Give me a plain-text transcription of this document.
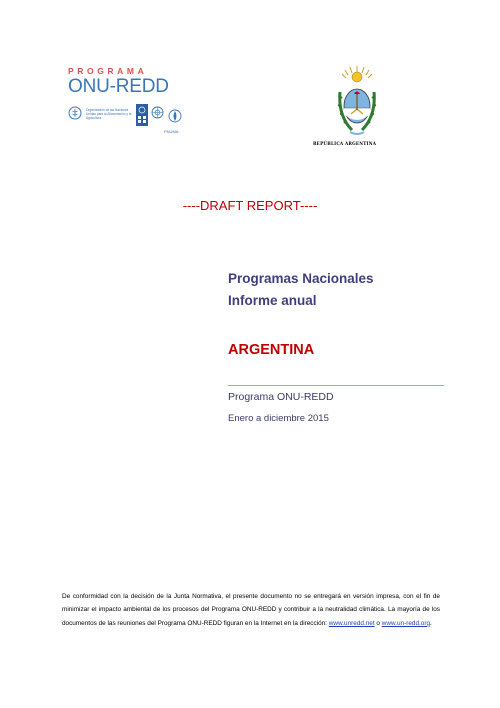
PROGRAMA
ONU-REDD
Organización de las Naciones Unidas para la Alimentación y la Agricultura
PNUMA
REPÚBLICA ARGENTINA
----DRAFT REPORT----
Programas Nacionales
Informe anual
ARGENTINA
Programa ONU-REDD
Enero a diciembre 2015
De conformidad con la decisión de la Junta Normativa, el presente documento no se entregará en versión impresa, con el fin de minimizar el impacto ambiental de los procesos del Programa ONU-REDD y contribuir a la neutralidad climática. La mayoría de los documentos de las reuniones del Programa ONU-REDD figuran en la Internet en la dirección: www.unredd.net o www.un-redd.org.
